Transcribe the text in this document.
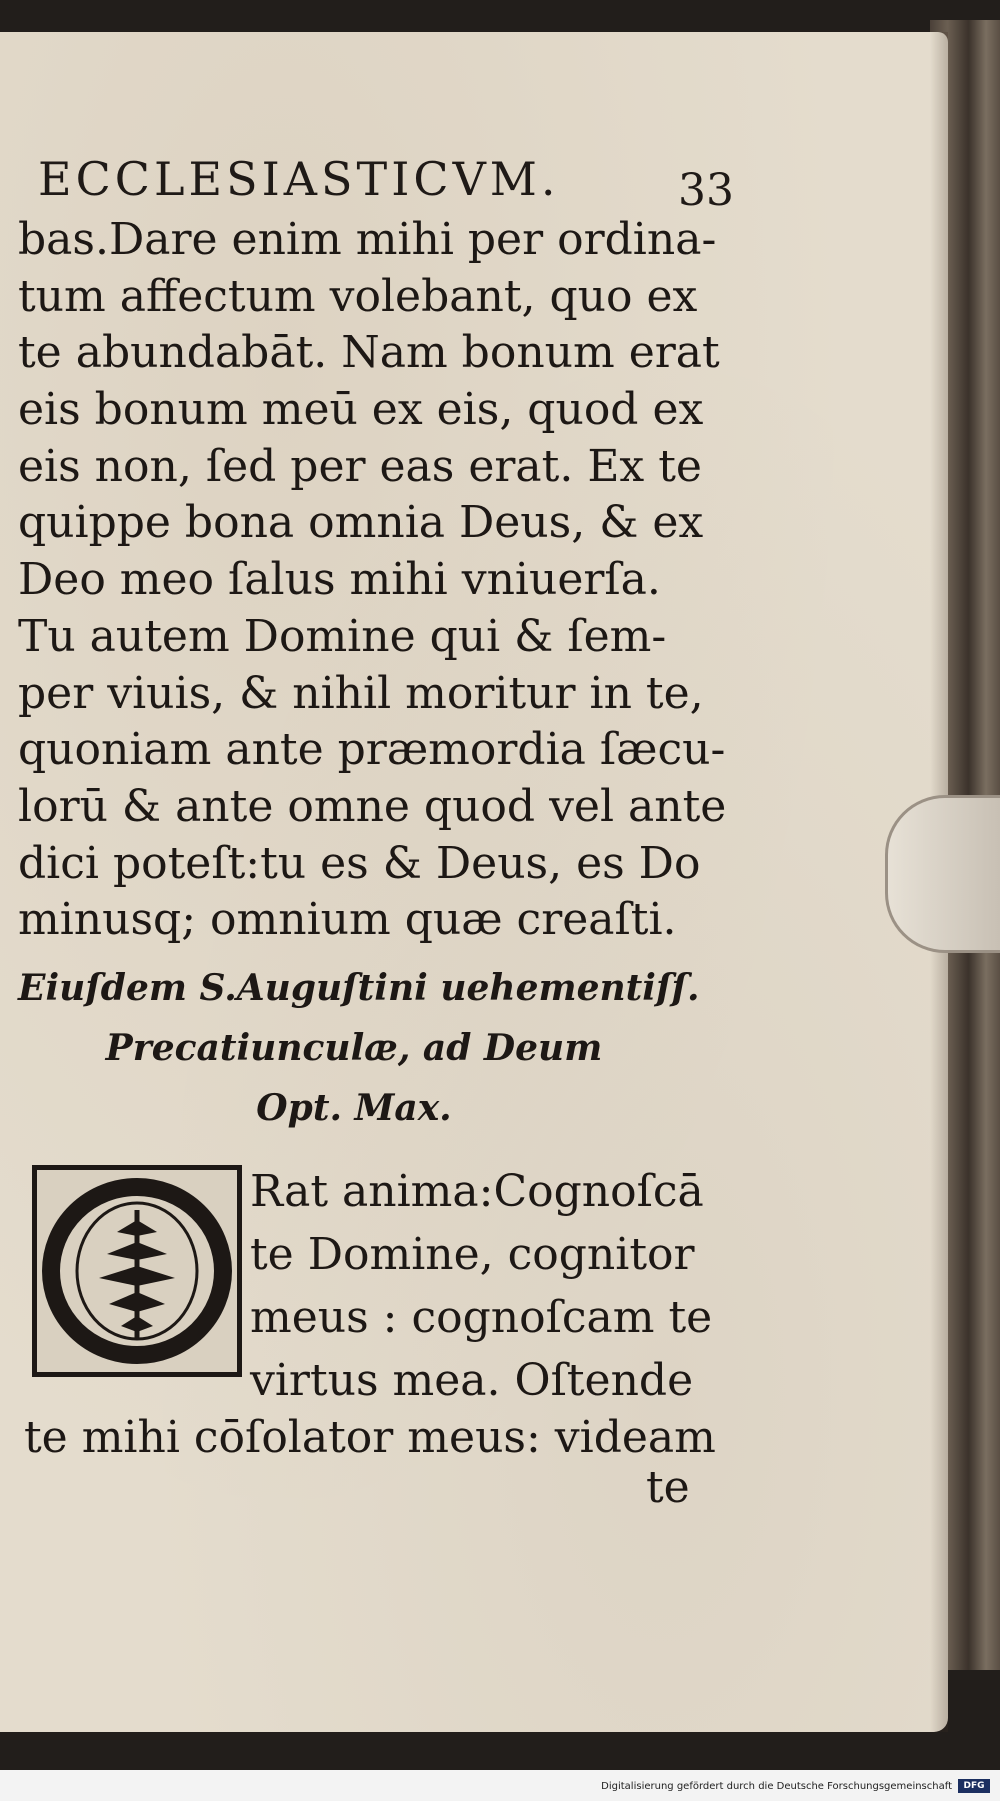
ECCLESIASTICVM.	33
bas.Dare enim mihi per ordina-
tum affectum volebant, quo ex
te abundabāt. Nam bonum erat
eis bonum meū ex eis, quod ex
eis non, ſed per eas erat. Ex te
quippe bona omnia Deus, & ex
Deo meo ſalus mihi vniuerſa.
Tu autem Domine qui & ſem-
per viuis, & nihil moritur in te,
quoniam ante præmordia ſæcu-
lorū & ante omne quod vel ante
dici poteſt:tu es & Deus, es Do
minusq; omnium quæ creaſti.
Eiuſdem S.Auguſtini uehementiſſ.
Precatiunculæ, ad Deum
Opt. Max.
Rat anima:Cognoſcā
te Domine, cognitor
meus : cognoſcam te
virtus mea. Oſtende
te mihi cōſolator meus: videam
te
Digitalisierung gefördert durch die Deutsche Forschungsgemeinschaft	DFG
